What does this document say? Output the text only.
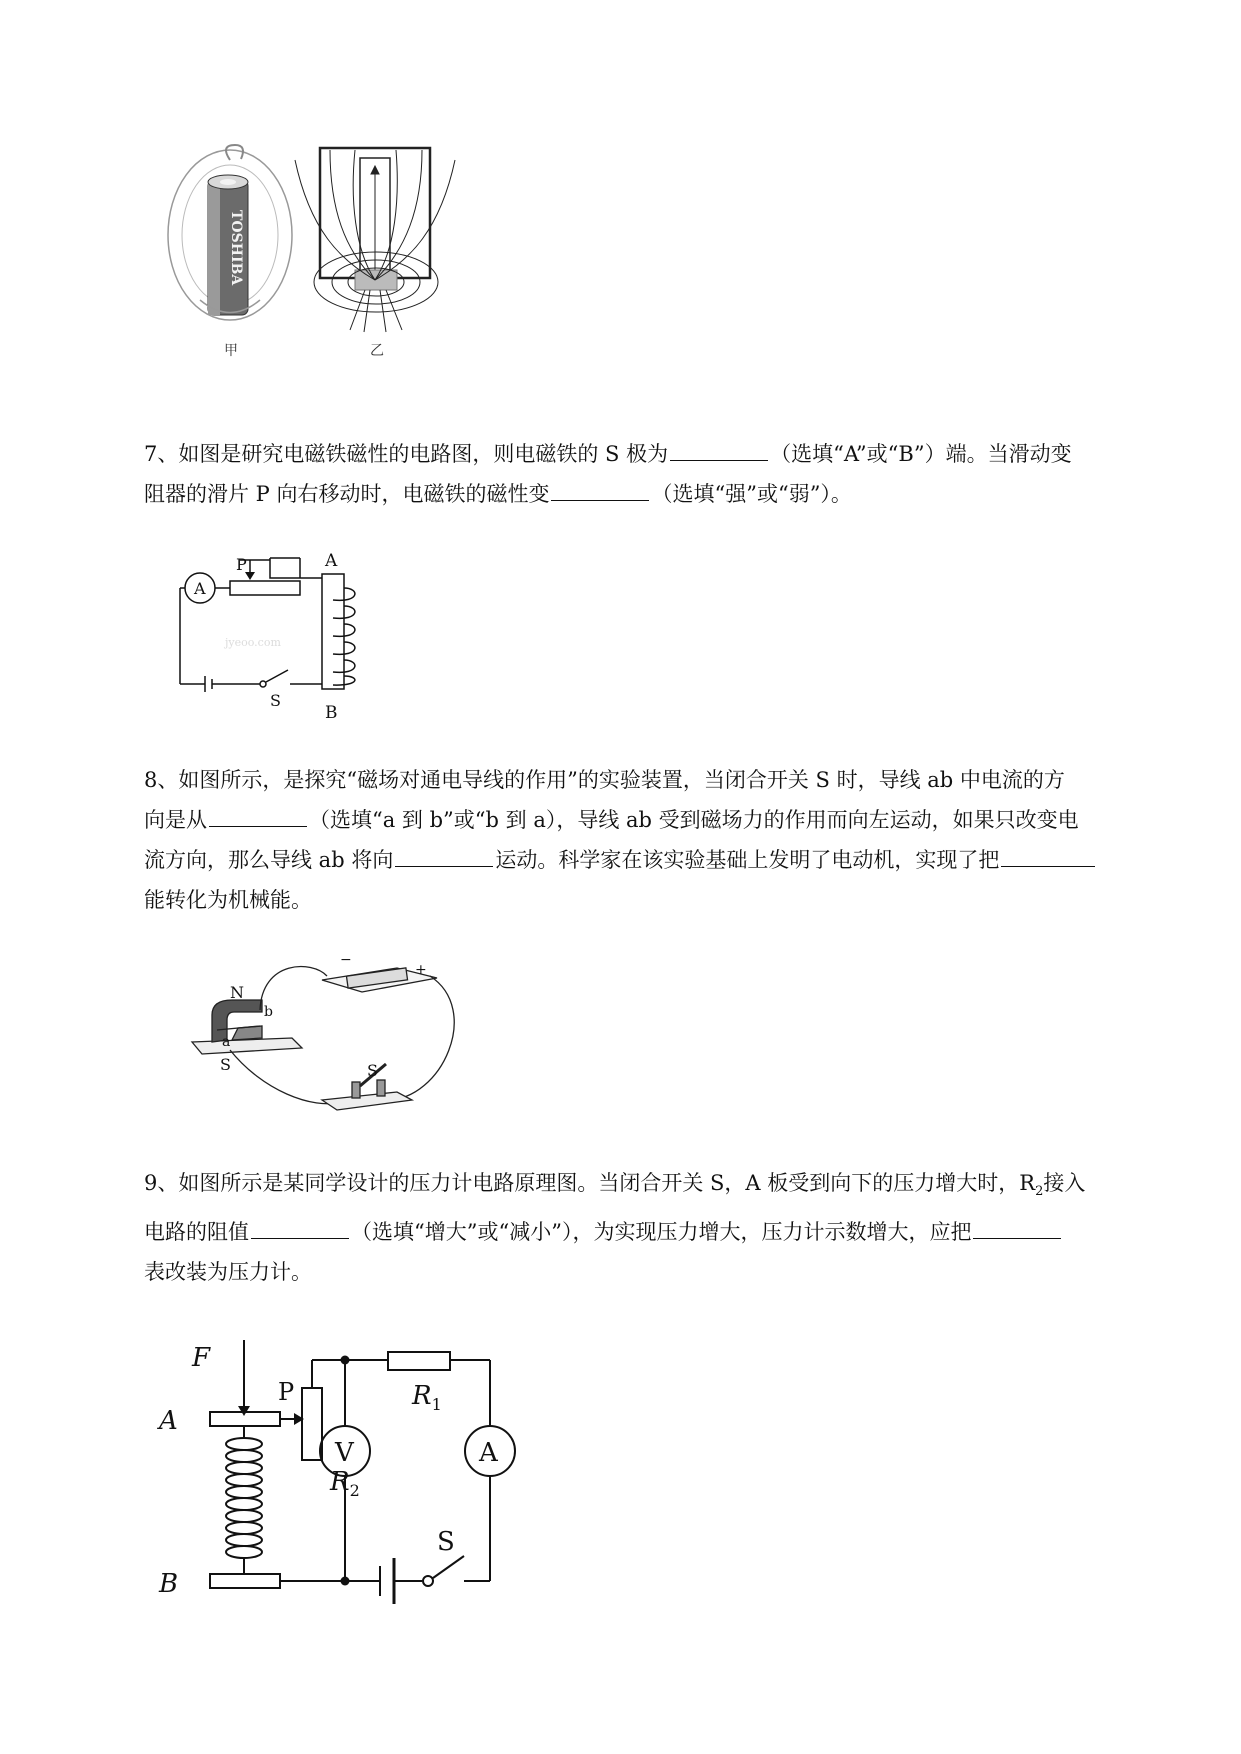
TOSHIBA
甲	乙
7、如图是研究电磁铁磁性的电路图，则电磁铁的 S 极为	（选填“A”或“B”）端。当滑动变
阻器的滑片 P 向右移动时，电磁铁的磁性变	（选填“强”或“弱”）。
A
P	A
B
S
jyeoo.com
8、如图所示，是探究“磁场对通电导线的作用”的实验装置，当闭合开关 S 时，导线 ab 中电流的方
向是从	（选填“a 到 b”或“b 到 a），导线 ab 受到磁场力的作用而向左运动，如果只改变电
流方向，那么导线 ab 将向	运动。科学家在该实验基础上发明了电动机，实现了把
能转化为机械能。
N
b
a
S	S
−
+
9、如图所示是某同学设计的压力计电路原理图。当闭合开关 S，A 板受到向下的压力增大时，$R_2$接入
电路的阻值	（选填“增大”或“减小”），为实现压力增大，压力计示数增大，应把
表改装为压力计。
F
A
B
P	$R_1$
$R_2$
V	A
S
